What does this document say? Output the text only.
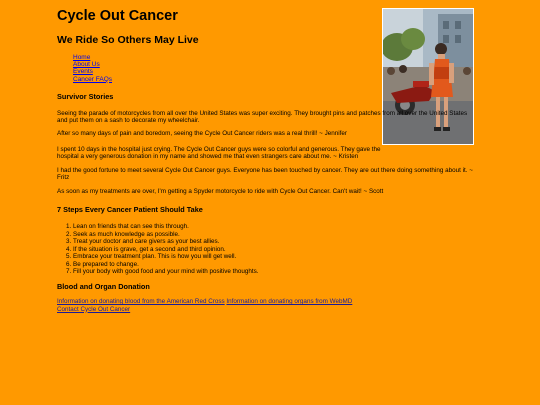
Cycle Out Cancer
We Ride So Others May Live
Home
About Us
Events
Cancer FAQs
Survivor Stories

Seeing the parade of motorcycles from all over the United States was super exciting. They brought pins and patches from all over the United States and put them on a sash to decorate my wheelchair.

After so many days of pain and boredom, seeing the Cycle Out Cancer riders was a real thrill! ~ Jennifer

I spent 10 days in the hospital just crying. The Cycle Out Cancer guys were so colorful and generous. They gave the hospital a very generous donation in my name and showed me that even strangers care about me. ~ Kristen

I had the good fortune to meet several Cycle Out Cancer guys. Everyone has been touched by cancer. They are out there doing something about it. ~ Fritz

As soon as my treatments are over, I'm getting a Spyder motorcycle to ride with Cycle Out Cancer. Can't wait! ~ Scott

7 Steps Every Cancer Patient Should Take
1. Lean on friends that can see this through.
2. Seek as much knowledge as possible.
3. Treat your doctor and care givers as your best allies.
4. If the situation is grave, get a second and third opinion.
5. Embrace your treatment plan. This is how you will get well.
6. Be prepared to change.
7. Fill your body with good food and your mind with positive thoughts.
Blood and Organ Donation
Information on donating blood from the American Red Cross Information on donating organs from WebMD
Contact Cycle Out Cancer
